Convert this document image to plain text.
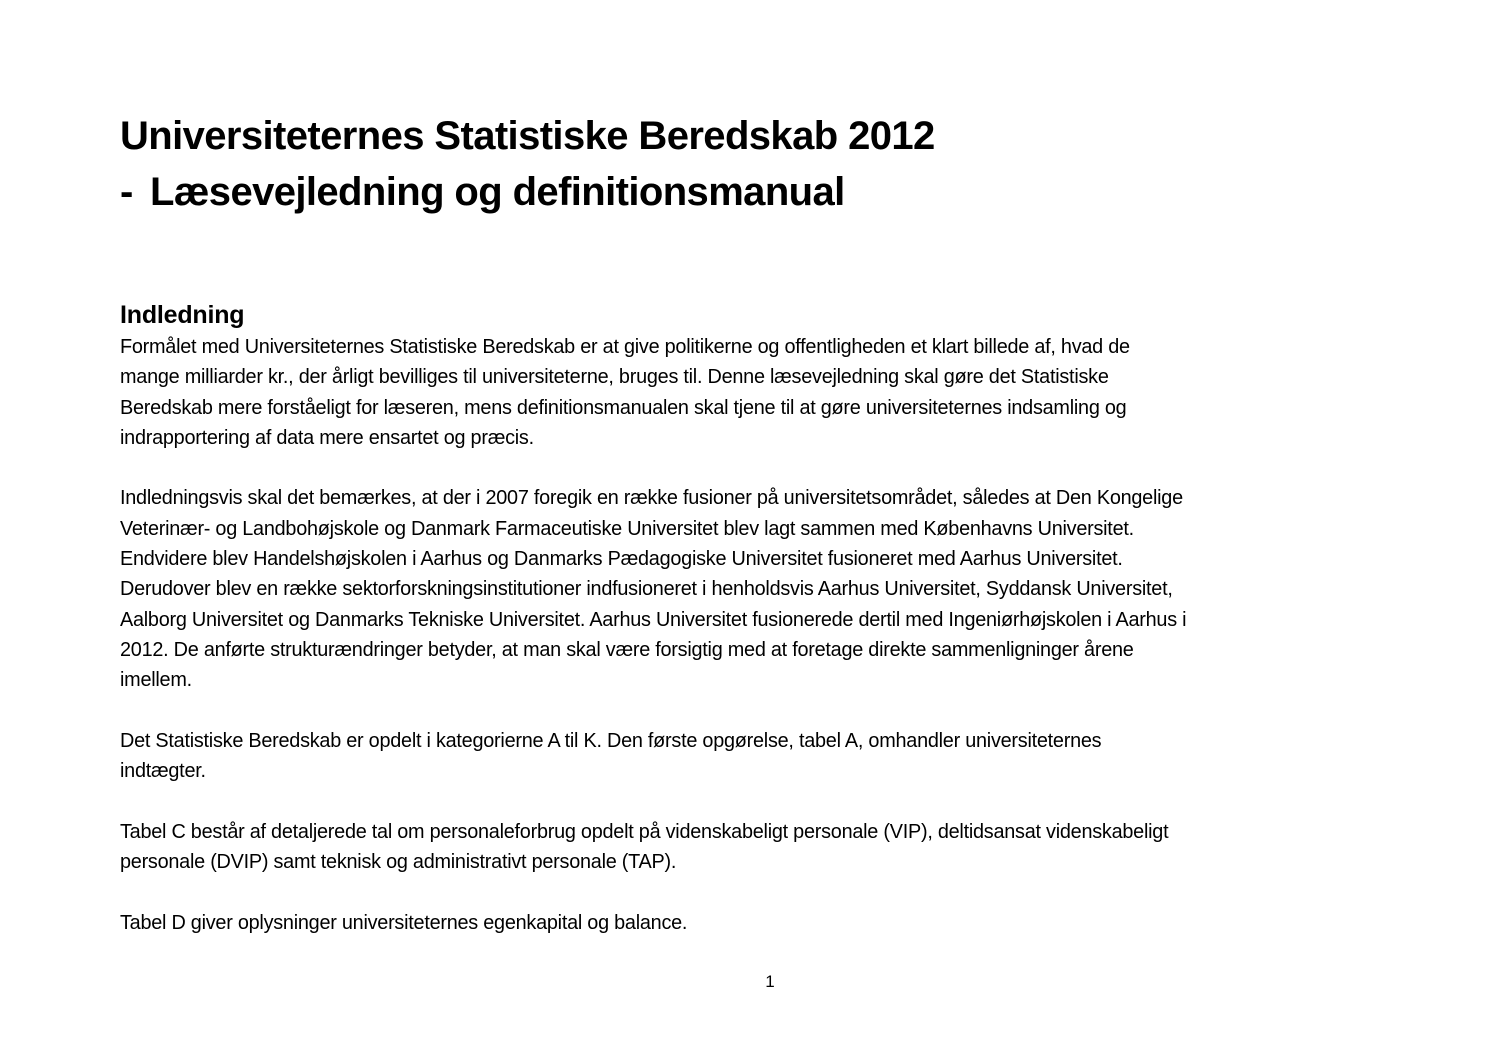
Universiteternes Statistiske Beredskab 2012
- Læsevejledning og definitionsmanual
Indledning

Formålet med Universiteternes Statistiske Beredskab er at give politikerne og offentligheden et klart billede af, hvad de
mange milliarder kr., der årligt bevilliges til universiteterne, bruges til. Denne læsevejledning skal gøre det Statistiske
Beredskab mere forståeligt for læseren, mens definitionsmanualen skal tjene til at gøre universiteternes indsamling og
indrapportering af data mere ensartet og præcis.

Indledningsvis skal det bemærkes, at der i 2007 foregik en række fusioner på universitetsområdet, således at Den Kongelige
Veterinær- og Landbohøjskole og Danmark Farmaceutiske Universitet blev lagt sammen med Københavns Universitet.
Endvidere blev Handelshøjskolen i Aarhus og Danmarks Pædagogiske Universitet fusioneret med Aarhus Universitet.
Derudover blev en række sektorforskningsinstitutioner indfusioneret i henholdsvis Aarhus Universitet, Syddansk Universitet,
Aalborg Universitet og Danmarks Tekniske Universitet. Aarhus Universitet fusionerede dertil med Ingeniørhøjskolen i Aarhus i
2012. De anførte strukturændringer betyder, at man skal være forsigtig med at foretage direkte sammenligninger årene
imellem.

Det Statistiske Beredskab er opdelt i kategorierne A til K. Den første opgørelse, tabel A, omhandler universiteternes
indtægter.

Tabel C består af detaljerede tal om personaleforbrug opdelt på videnskabeligt personale (VIP), deltidsansat videnskabeligt
personale (DVIP) samt teknisk og administrativt personale (TAP).

Tabel D giver oplysninger universiteternes egenkapital og balance.

1
